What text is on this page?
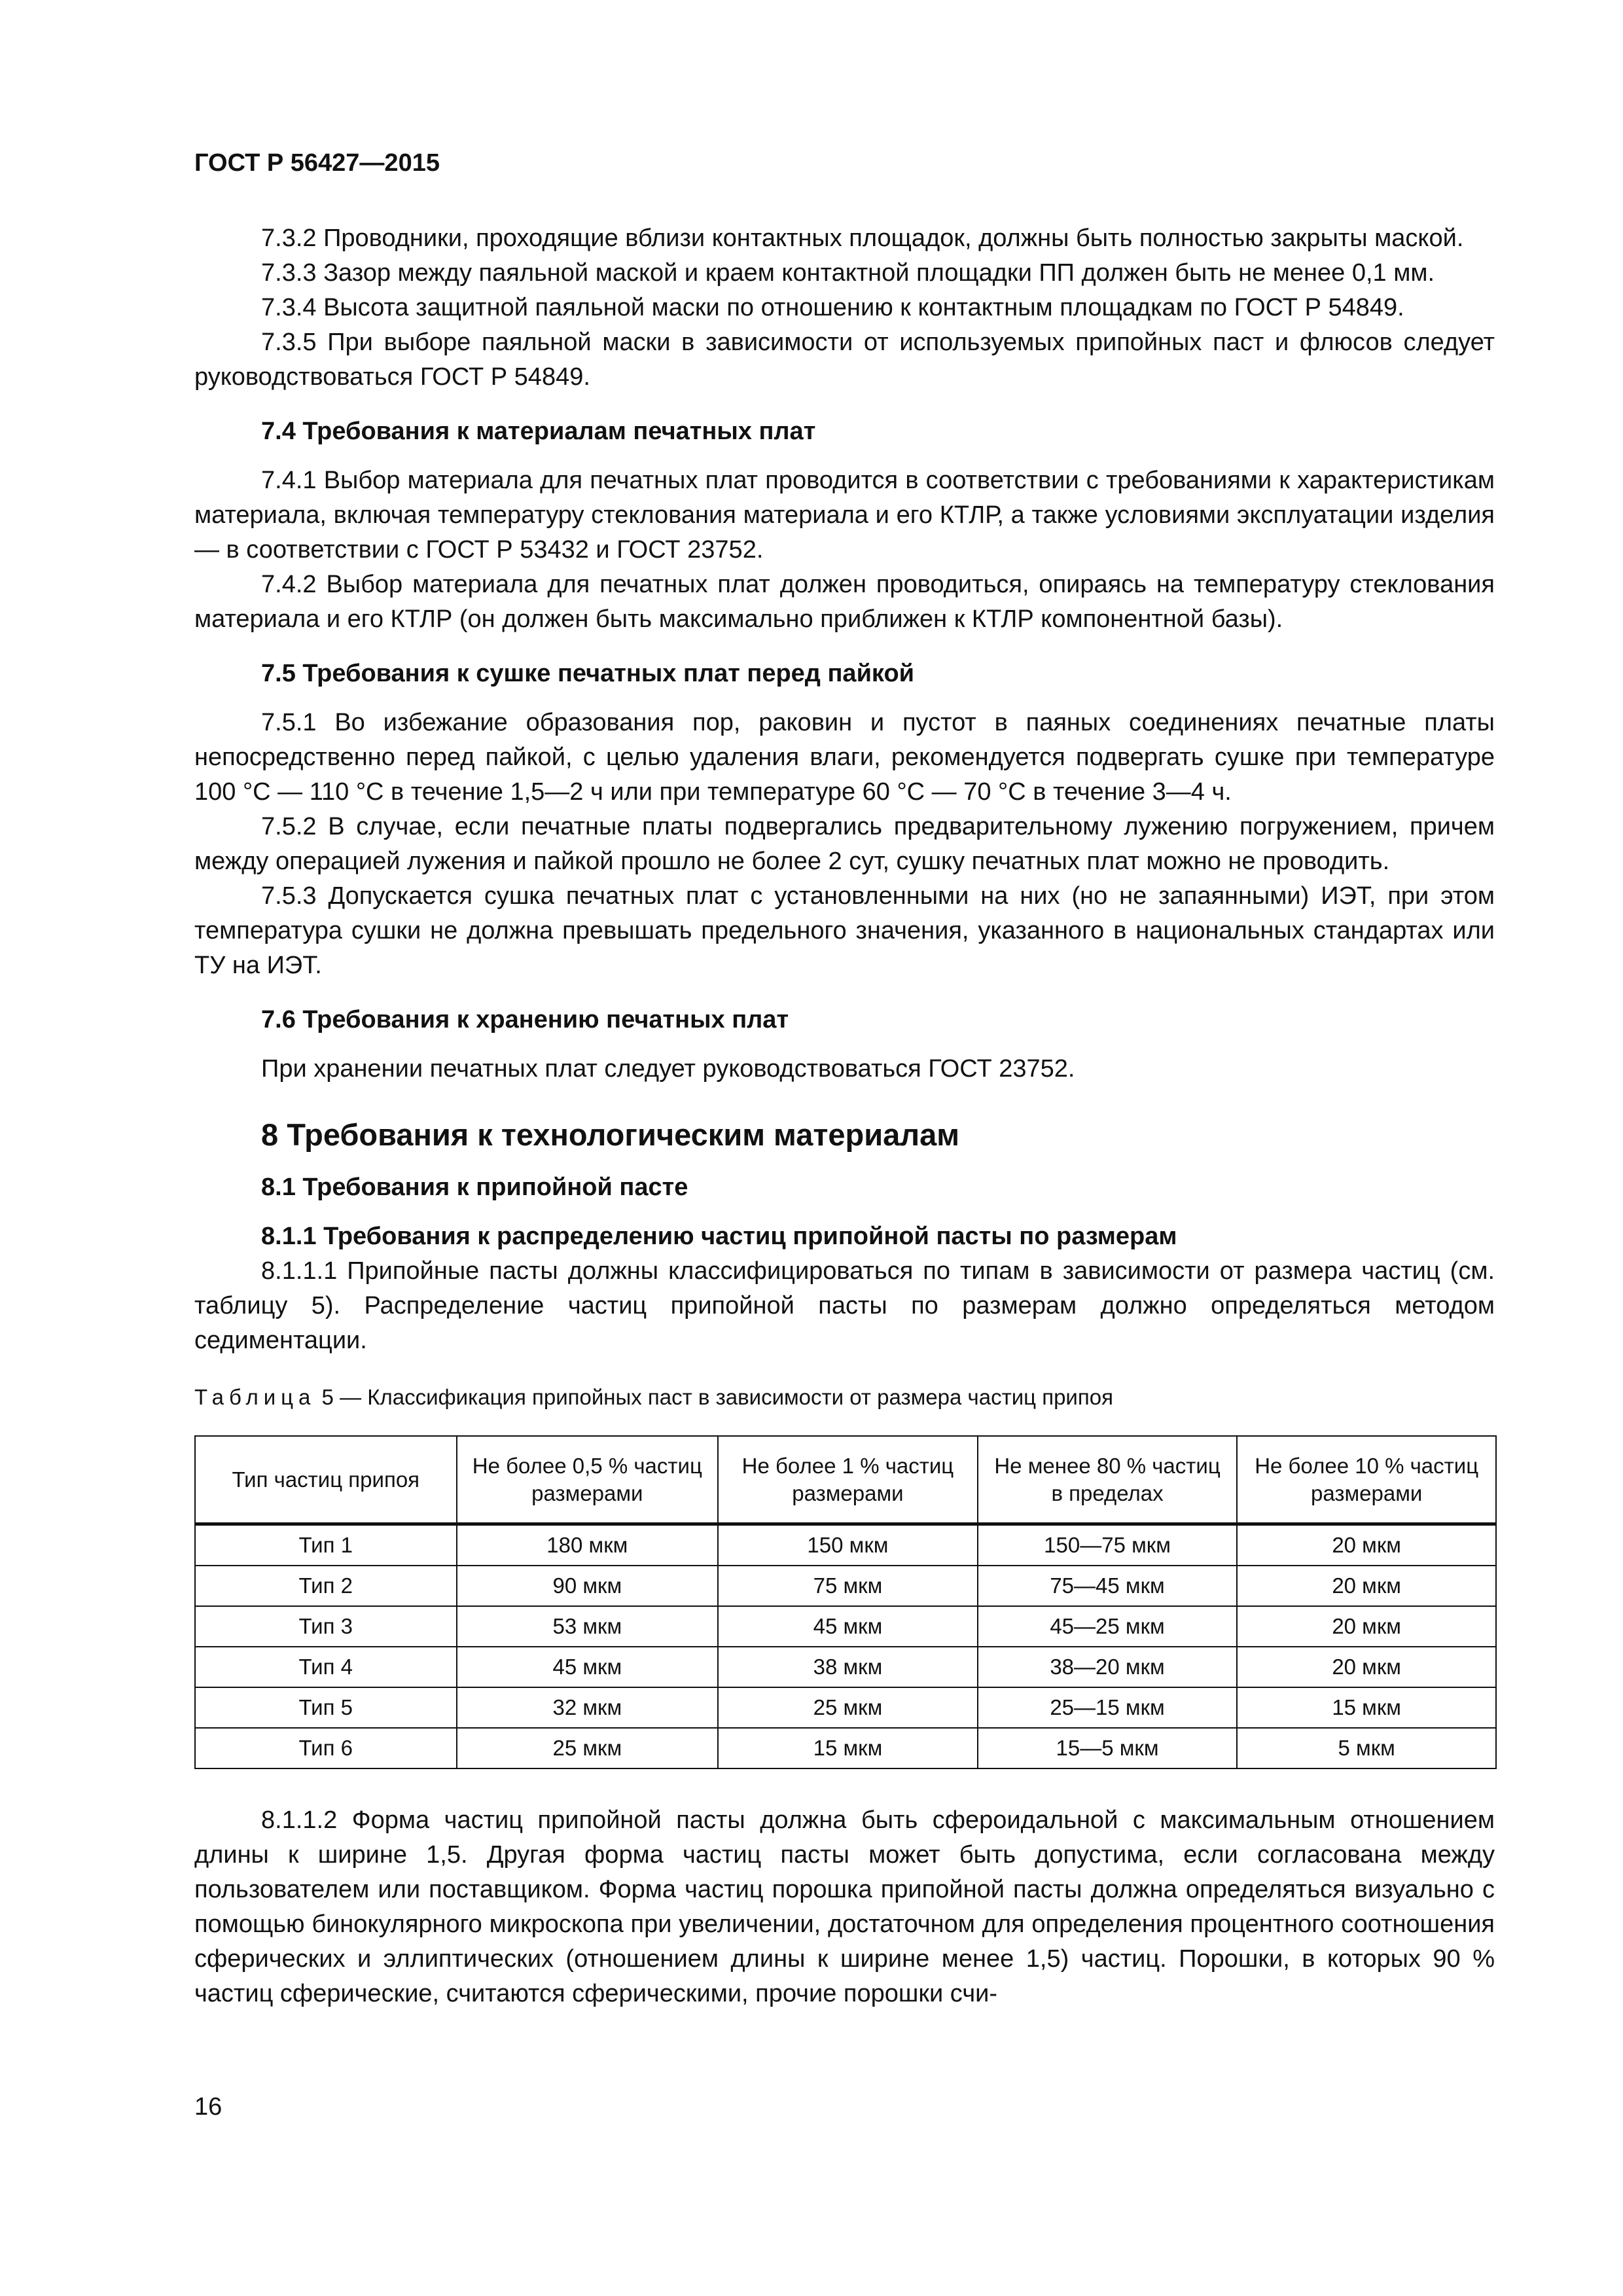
ГОСТ Р 56427—2015

7.3.2 Проводники, проходящие вблизи контактных площадок, должны быть полностью закрыты маской.

7.3.3 Зазор между паяльной маской и краем контактной площадки ПП должен быть не менее 0,1 мм.

7.3.4 Высота защитной паяльной маски по отношению к контактным площадкам по ГОСТ Р 54849.

7.3.5 При выборе паяльной маски в зависимости от используемых припойных паст и флюсов следует руководствоваться ГОСТ Р 54849.

7.4 Требования к материалам печатных плат

7.4.1 Выбор материала для печатных плат проводится в соответствии с требованиями к характеристикам материала, включая температуру стеклования материала и его КТЛР, а также условиями эксплуатации изделия — в соответствии с ГОСТ Р 53432 и ГОСТ 23752.

7.4.2 Выбор материала для печатных плат должен проводиться, опираясь на температуру стеклования материала и его КТЛР (он должен быть максимально приближен к КТЛР компонентной базы).

7.5 Требования к сушке печатных плат перед пайкой

7.5.1 Во избежание образования пор, раковин и пустот в паяных соединениях печатные платы непосредственно перед пайкой, с целью удаления влаги, рекомендуется подвергать сушке при температуре 100 °С — 110 °С в течение 1,5—2 ч или при температуре 60 °С — 70 °С в течение 3—4 ч.

7.5.2 В случае, если печатные платы подвергались предварительному лужению погружением, причем между операцией лужения и пайкой прошло не более 2 сут, сушку печатных плат можно не проводить.

7.5.3 Допускается сушка печатных плат с установленными на них (но не запаянными) ИЭТ, при этом температура сушки не должна превышать предельного значения, указанного в национальных стандартах или ТУ на ИЭТ.

7.6 Требования к хранению печатных плат

При хранении печатных плат следует руководствоваться ГОСТ 23752.

8 Требования к технологическим материалам
8.1 Требования к припойной пасте
8.1.1 Требования к распределению частиц припойной пасты по размерам

8.1.1.1 Припойные пасты должны классифицироваться по типам в зависимости от размера частиц (см. таблицу 5). Распределение частиц припойной пасты по размерам должно определяться методом седиментации.

Таблица 5 — Классификация припойных паст в зависимости от размера частиц припоя
Тип частиц припоя	Не более 0,5 % частиц размерами	Не более 1 % частиц размерами	Не менее 80 % частиц в пределах	Не более 10 % частиц размерами
Тип 1	180 мкм	150 мкм	150—75 мкм	20 мкм
Тип 2	90 мкм	75 мкм	75—45 мкм	20 мкм
Тип 3	53 мкм	45 мкм	45—25 мкм	20 мкм
Тип 4	45 мкм	38 мкм	38—20 мкм	20 мкм
Тип 5	32 мкм	25 мкм	25—15 мкм	15 мкм
Тип 6	25 мкм	15 мкм	15—5 мкм	5 мкм

8.1.1.2 Форма частиц припойной пасты должна быть сфероидальной с максимальным отношением длины к ширине 1,5. Другая форма частиц пасты может быть допустима, если согласована между пользователем или поставщиком. Форма частиц порошка припойной пасты должна определяться визуально с помощью бинокулярного микроскопа при увеличении, достаточном для определения процентного соотношения сферических и эллиптических (отношением длины к ширине менее 1,5) частиц. Порошки, в которых 90 % частиц сферические, считаются сферическими, прочие порошки счи-

16
